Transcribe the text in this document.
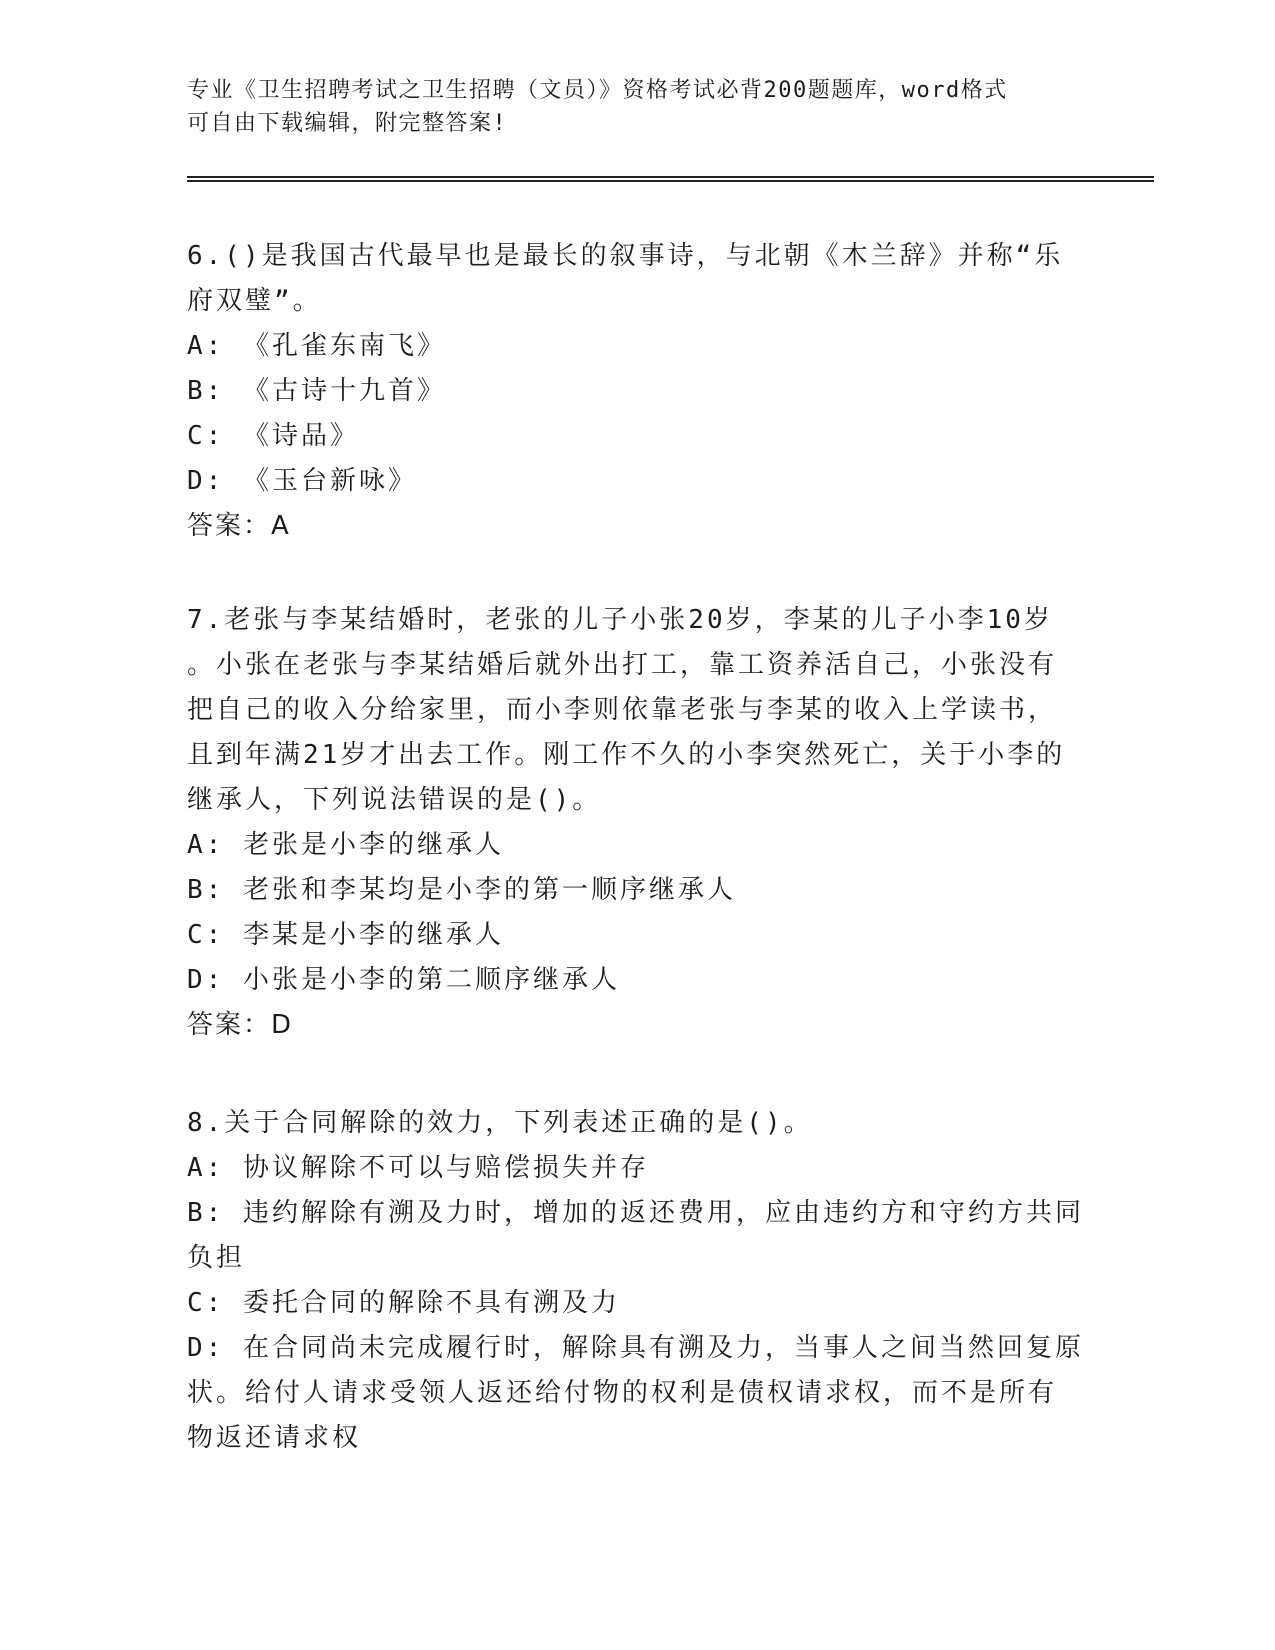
专业《卫生招聘考试之卫生招聘（文员）》资格考试必背200题题库，word格式
可自由下载编辑，附完整答案!

6.()是我国古代最早也是最长的叙事诗，与北朝《木兰辞》并称“乐

府双璧”。

A: 《孔雀东南飞》

B: 《古诗十九首》

C: 《诗品》

D: 《玉台新咏》

答案：A

7.老张与李某结婚时，老张的儿子小张20岁，李某的儿子小李10岁

。小张在老张与李某结婚后就外出打工，靠工资养活自己，小张没有

把自己的收入分给家里，而小李则依靠老张与李某的收入上学读书，

且到年满21岁才出去工作。刚工作不久的小李突然死亡，关于小李的

继承人，下列说法错误的是()。

A: 老张是小李的继承人

B: 老张和李某均是小李的第一顺序继承人

C: 李某是小李的继承人

D: 小张是小李的第二顺序继承人

答案：D

8.关于合同解除的效力，下列表述正确的是()。

A: 协议解除不可以与赔偿损失并存

B: 违约解除有溯及力时，增加的返还费用，应由违约方和守约方共同

负担

C: 委托合同的解除不具有溯及力

D: 在合同尚未完成履行时，解除具有溯及力，当事人之间当然回复原

状。给付人请求受领人返还给付物的权利是债权请求权，而不是所有

物返还请求权
